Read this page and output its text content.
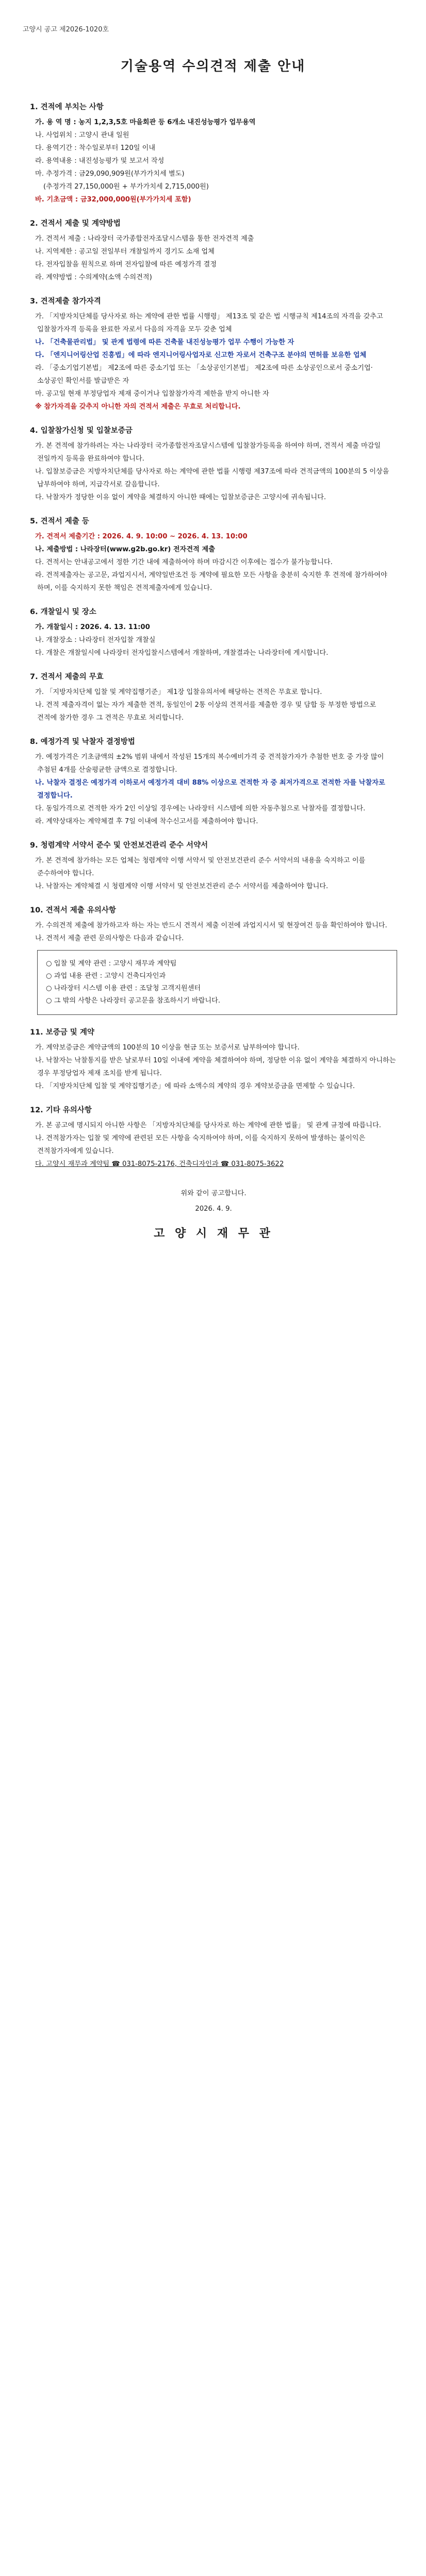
고양시 공고 제2026-1020호
기술용역 수의견적 제출 안내
1. 견적에 부치는 사항
가. 용 역 명 : 농지 1,2,3,5호 마을회관 등 6개소 내진성능평가 업무용역
나. 사업위치 : 고양시 관내 일원
다. 용역기간 : 착수일로부터 120일 이내
라. 용역내용 : 내진성능평가 및 보고서 작성
마. 추정가격 : 금29,090,909원(부가가치세 별도)
(추정가격 27,150,000원 + 부가가치세 2,715,000원)
바. 기초금액 : 금32,000,000원(부가가치세 포함)
2. 견적서 제출 및 계약방법
가. 견적서 제출 : 나라장터 국가종합전자조달시스템을 통한 전자견적 제출
나. 지역제한 : 공고일 전일부터 개찰일까지 경기도 소재 업체
다. 전자입찰을 원칙으로 하며 전자입찰에 따른 예정가격 결정
라. 계약방법 : 수의계약(소액 수의견적)
3. 견적제출 참가자격
가. 「지방자치단체를 당사자로 하는 계약에 관한 법률 시행령」 제13조 및 같은 법 시행규칙 제14조의 자격을 갖추고 입찰참가자격 등록을 완료한 자로서 다음의 자격을 모두 갖춘 업체
나. 「건축물관리법」 및 관계 법령에 따른 건축물 내진성능평가 업무 수행이 가능한 자
다. 「엔지니어링산업 진흥법」에 따라 엔지니어링사업자로 신고한 자로서 건축구조 분야의 면허를 보유한 업체
라. 「중소기업기본법」 제2조에 따른 중소기업 또는 「소상공인기본법」 제2조에 따른 소상공인으로서 중소기업·소상공인 확인서를 발급받은 자
마. 공고일 현재 부정당업자 제재 중이거나 입찰참가자격 제한을 받지 아니한 자
※ 참가자격을 갖추지 아니한 자의 견적서 제출은 무효로 처리합니다.
4. 입찰참가신청 및 입찰보증금
가. 본 견적에 참가하려는 자는 나라장터 국가종합전자조달시스템에 입찰참가등록을 하여야 하며, 견적서 제출 마감일 전일까지 등록을 완료하여야 합니다.
나. 입찰보증금은 지방자치단체를 당사자로 하는 계약에 관한 법률 시행령 제37조에 따라 견적금액의 100분의 5 이상을 납부하여야 하며, 지급각서로 갈음합니다.
다. 낙찰자가 정당한 이유 없이 계약을 체결하지 아니한 때에는 입찰보증금은 고양시에 귀속됩니다.
5. 견적서 제출 등
가. 견적서 제출기간 : 2026. 4. 9. 10:00 ~ 2026. 4. 13. 10:00
나. 제출방법 : 나라장터(www.g2b.go.kr) 전자견적 제출
다. 견적서는 안내공고에서 정한 기간 내에 제출하여야 하며 마감시간 이후에는 접수가 불가능합니다.
라. 견적제출자는 공고문, 과업지시서, 계약일반조건 등 계약에 필요한 모든 사항을 충분히 숙지한 후 견적에 참가하여야 하며, 이를 숙지하지 못한 책임은 견적제출자에게 있습니다.
6. 개찰일시 및 장소
가. 개찰일시 : 2026. 4. 13. 11:00
나. 개찰장소 : 나라장터 전자입찰 개찰실
다. 개찰은 개찰일시에 나라장터 전자입찰시스템에서 개찰하며, 개찰결과는 나라장터에 게시합니다.
7. 견적서 제출의 무효
가. 「지방자치단체 입찰 및 계약집행기준」 제1장 입찰유의서에 해당하는 견적은 무효로 합니다.
나. 견적 제출자격이 없는 자가 제출한 견적, 동일인이 2통 이상의 견적서를 제출한 경우 및 담합 등 부정한 방법으로 견적에 참가한 경우 그 견적은 무효로 처리합니다.
8. 예정가격 및 낙찰자 결정방법
가. 예정가격은 기초금액의 ±2% 범위 내에서 작성된 15개의 복수예비가격 중 견적참가자가 추첨한 번호 중 가장 많이 추첨된 4개를 산술평균한 금액으로 결정합니다.
나. 낙찰자 결정은 예정가격 이하로서 예정가격 대비 88% 이상으로 견적한 자 중 최저가격으로 견적한 자를 낙찰자로 결정합니다.
다. 동일가격으로 견적한 자가 2인 이상일 경우에는 나라장터 시스템에 의한 자동추첨으로 낙찰자를 결정합니다.
라. 계약상대자는 계약체결 후 7일 이내에 착수신고서를 제출하여야 합니다.
9. 청렴계약 서약서 준수 및 안전보건관리 준수 서약서
가. 본 견적에 참가하는 모든 업체는 청렴계약 이행 서약서 및 안전보건관리 준수 서약서의 내용을 숙지하고 이를 준수하여야 합니다.
나. 낙찰자는 계약체결 시 청렴계약 이행 서약서 및 안전보건관리 준수 서약서를 제출하여야 합니다.
10. 견적서 제출 유의사항
가. 수의견적 제출에 참가하고자 하는 자는 반드시 견적서 제출 이전에 과업지시서 및 현장여건 등을 확인하여야 합니다.
나. 견적서 제출 관련 문의사항은 다음과 같습니다.
○ 입찰 및 계약 관련 : 고양시 재무과 계약팀
○ 과업 내용 관련 : 고양시 건축디자인과
○ 나라장터 시스템 이용 관련 : 조달청 고객지원센터
○ 그 밖의 사항은 나라장터 공고문을 참조하시기 바랍니다.
11. 보증금 및 계약
가. 계약보증금은 계약금액의 100분의 10 이상을 현금 또는 보증서로 납부하여야 합니다.
나. 낙찰자는 낙찰통지를 받은 날로부터 10일 이내에 계약을 체결하여야 하며, 정당한 이유 없이 계약을 체결하지 아니하는 경우 부정당업자 제재 조치를 받게 됩니다.
다. 「지방자치단체 입찰 및 계약집행기준」에 따라 소액수의 계약의 경우 계약보증금을 면제할 수 있습니다.
12. 기타 유의사항
가. 본 공고에 명시되지 아니한 사항은 「지방자치단체를 당사자로 하는 계약에 관한 법률」 및 관계 규정에 따릅니다.
나. 견적참가자는 입찰 및 계약에 관련된 모든 사항을 숙지하여야 하며, 이를 숙지하지 못하여 발생하는 불이익은 견적참가자에게 있습니다.
다. 고양시 재무과 계약팀 ☎ 031-8075-2176, 건축디자인과 ☎ 031-8075-3622
위와 같이 공고합니다.
2026. 4. 9.
고 양 시 재 무 관
